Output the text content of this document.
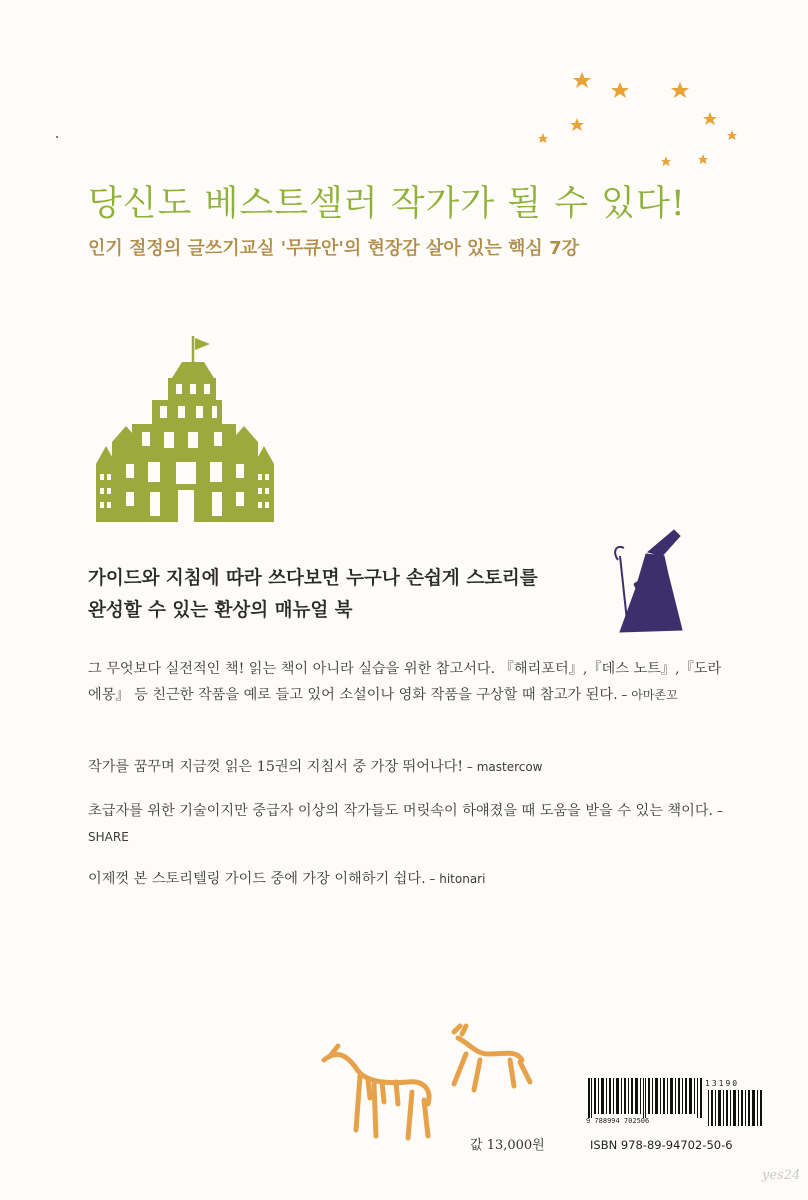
당신도 베스트셀러 작가가 될 수 있다!
인기 절정의 글쓰기교실 '무큐안'의 현장감 살아 있는 핵심 7강
가이드와 지침에 따라 쓰다보면 누구나 손쉽게 스토리를
완성할 수 있는 환상의 매뉴얼 북
그 무엇보다 실전적인 책! 읽는 책이 아니라 실습을 위한 참고서다. 『해리포터』,『데스 노트』,『도라에몽』 등 친근한 작품을 예로 들고 있어 소설이나 영화 작품을 구상할 때 참고가 된다. – 아마존꼬
작가를 꿈꾸며 지금껏 읽은 15권의 지침서 중 가장 뛰어나다! – mastercow
초급자를 위한 기술이지만 중급자 이상의 작가들도 머릿속이 하얘졌을 때 도움을 받을 수 있는 책이다. – SHARE
이제껏 본 스토리텔링 가이드 중에 가장 이해하기 쉽다. – hitonari
13190
9 788994 702506
값 13,000원	ISBN 978-89-94702-50-6
yes24
